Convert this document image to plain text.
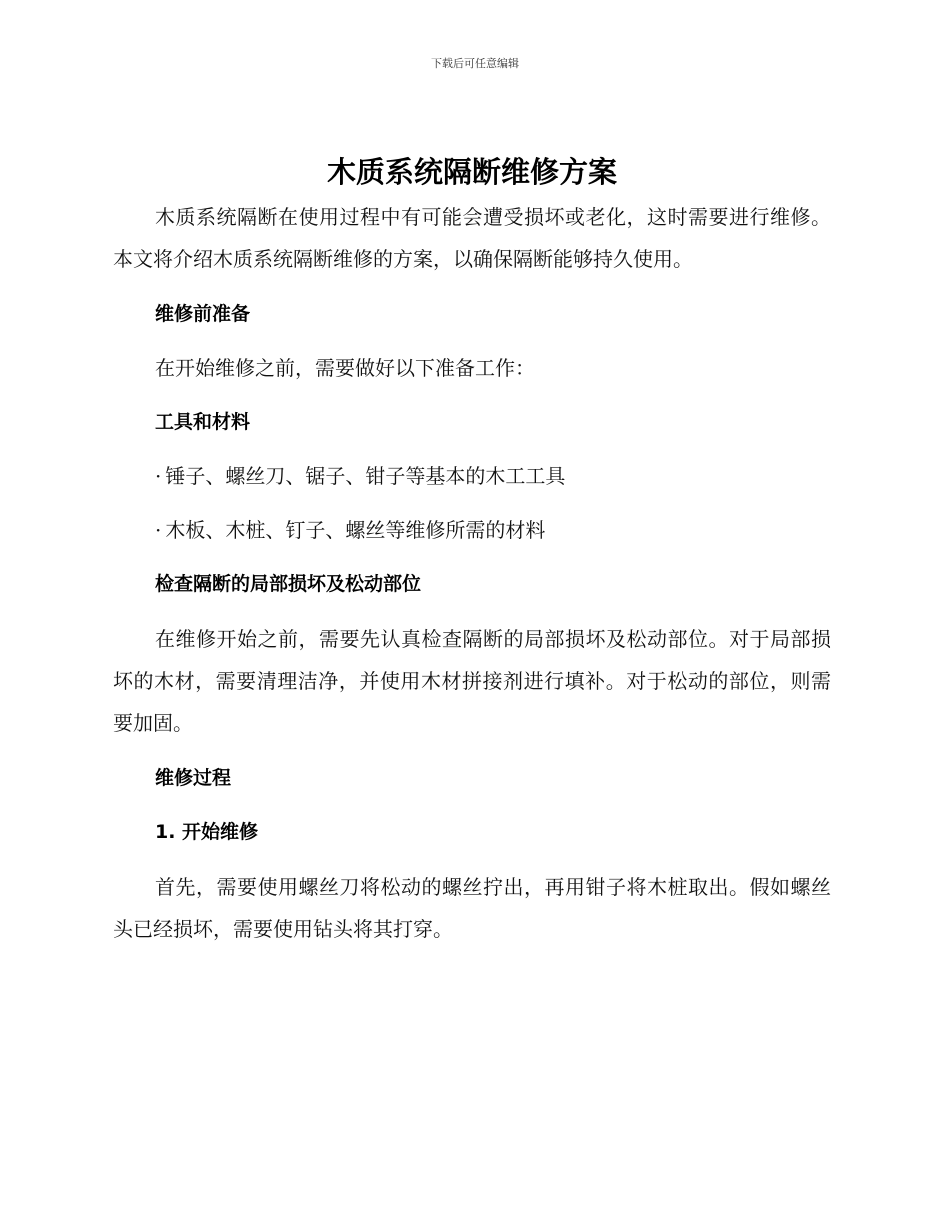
下载后可任意编辑
木质系统隔断维修方案

木质系统隔断在使用过程中有可能会遭受损坏或老化，这时需要进行维修。本文将介绍木质系统隔断维修的方案，以确保隔断能够持久使用。

维修前准备
在开始维修之前，需要做好以下准备工作：
工具和材料
· 锤子、螺丝刀、锯子、钳子等基本的木工工具
· 木板、木桩、钉子、螺丝等维修所需的材料
检查隔断的局部损坏及松动部位

在维修开始之前，需要先认真检查隔断的局部损坏及松动部位。对于局部损坏的木材，需要清理洁净，并使用木材拼接剂进行填补。对于松动的部位，则需要加固。

维修过程
1. 开始维修

首先，需要使用螺丝刀将松动的螺丝拧出，再用钳子将木桩取出。假如螺丝头已经损坏，需要使用钻头将其打穿。
